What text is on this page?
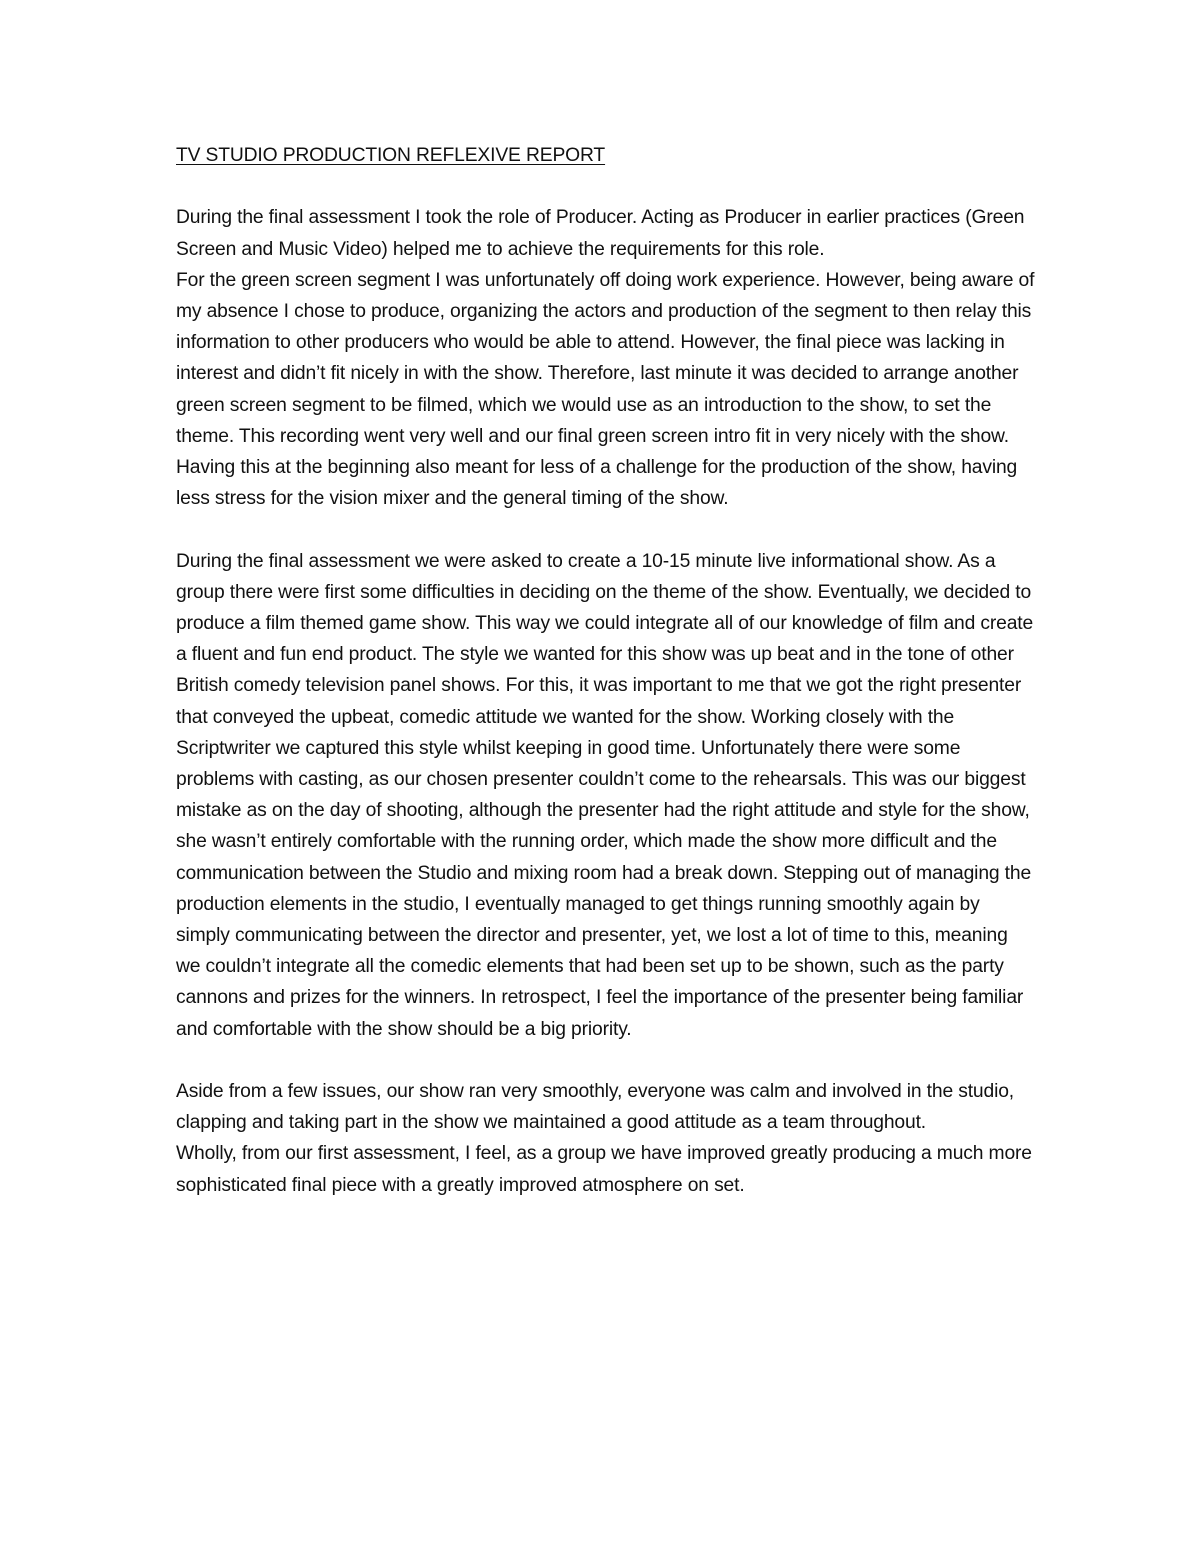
TV STUDIO PRODUCTION REFLEXIVE REPORT

During the final assessment I took the role of Producer. Acting as Producer in earlier practices (Green Screen and Music Video) helped me to achieve the requirements for this role.

For the green screen segment I was unfortunately off doing work experience. However, being aware of my absence I chose to produce, organizing the actors and production of the segment to then relay this information to other producers who would be able to attend. However, the final piece was lacking in interest and didn’t fit nicely in with the show. Therefore, last minute it was decided to arrange another green screen segment to be filmed, which we would use as an introduction to the show, to set the theme. This recording went very well and our final green screen intro fit in very nicely with the show. Having this at the beginning also meant for less of a challenge for the production of the show, having less stress for the vision mixer and the general timing of the show.

During the final assessment we were asked to create a 10-15 minute live informational show. As a group there were first some difficulties in deciding on the theme of the show. Eventually, we decided to produce a film themed game show. This way we could integrate all of our knowledge of film and create a fluent and fun end product. The style we wanted for this show was up beat and in the tone of other British comedy television panel shows. For this, it was important to me that we got the right presenter that conveyed the upbeat, comedic attitude we wanted for the show. Working closely with the Scriptwriter we captured this style whilst keeping in good time. Unfortunately there were some problems with casting, as our chosen presenter couldn’t come to the rehearsals. This was our biggest mistake as on the day of shooting, although the presenter had the right attitude and style for the show, she wasn’t entirely comfortable with the running order, which made the show more difficult and the communication between the Studio and mixing room had a break down. Stepping out of managing the production elements in the studio, I eventually managed to get things running smoothly again by simply communicating between the director and presenter, yet, we lost a lot of time to this, meaning we couldn’t integrate all the comedic elements that had been set up to be shown, such as the party cannons and prizes for the winners. In retrospect, I feel the importance of the presenter being familiar and comfortable with the show should be a big priority.

Aside from a few issues, our show ran very smoothly, everyone was calm and involved in the studio, clapping and taking part in the show we maintained a good attitude as a team throughout.

Wholly, from our first assessment, I feel, as a group we have improved greatly producing a much more sophisticated final piece with a greatly improved atmosphere on set.
